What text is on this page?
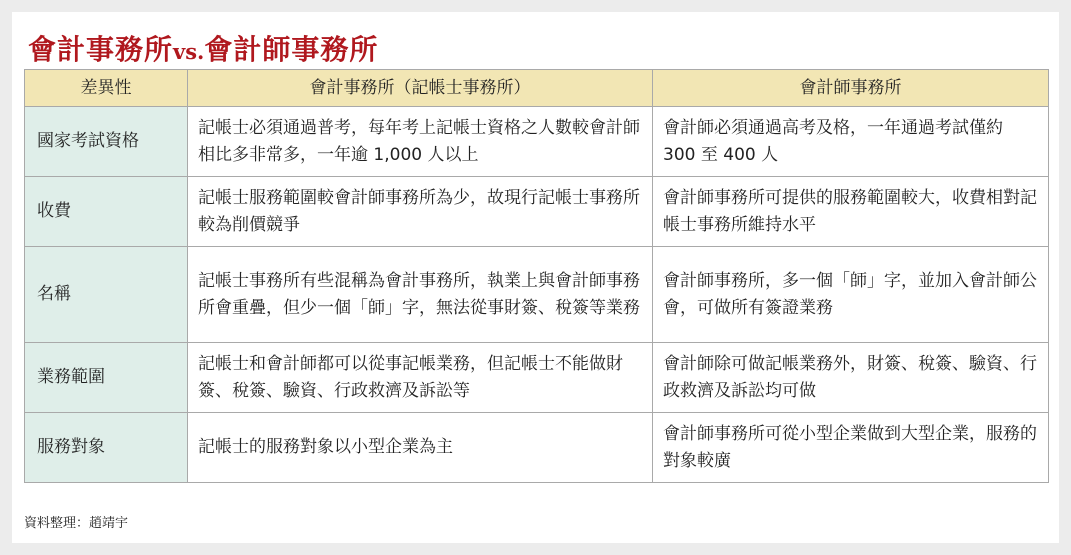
會計事務所vs.會計師事務所
差異性	會計事務所（記帳士事務所）	會計師事務所
國家考試資格	記帳士必須通過普考，每年考上記帳士資格之人數較會計師相比多非常多，一年逾 1,000 人以上	會計師必須通過高考及格，一年通過考試僅約 300 至 400 人
收費	記帳士服務範圍較會計師事務所為少，故現行記帳士事務所較為削價競爭	會計師事務所可提供的服務範圍較大，收費相對記帳士事務所維持水平
名稱	記帳士事務所有些混稱為會計事務所，執業上與會計師事務所會重疊，但少一個「師」字，無法從事財簽、稅簽等業務	會計師事務所，多一個「師」字，並加入會計師公會，可做所有簽證業務
業務範圍	記帳士和會計師都可以從事記帳業務，但記帳士不能做財簽、稅簽、驗資、行政救濟及訴訟等	會計師除可做記帳業務外，財簽、稅簽、驗資、行政救濟及訴訟均可做
服務對象	記帳士的服務對象以小型企業為主	會計師事務所可從小型企業做到大型企業，服務的對象較廣
資料整理：趙靖宇
